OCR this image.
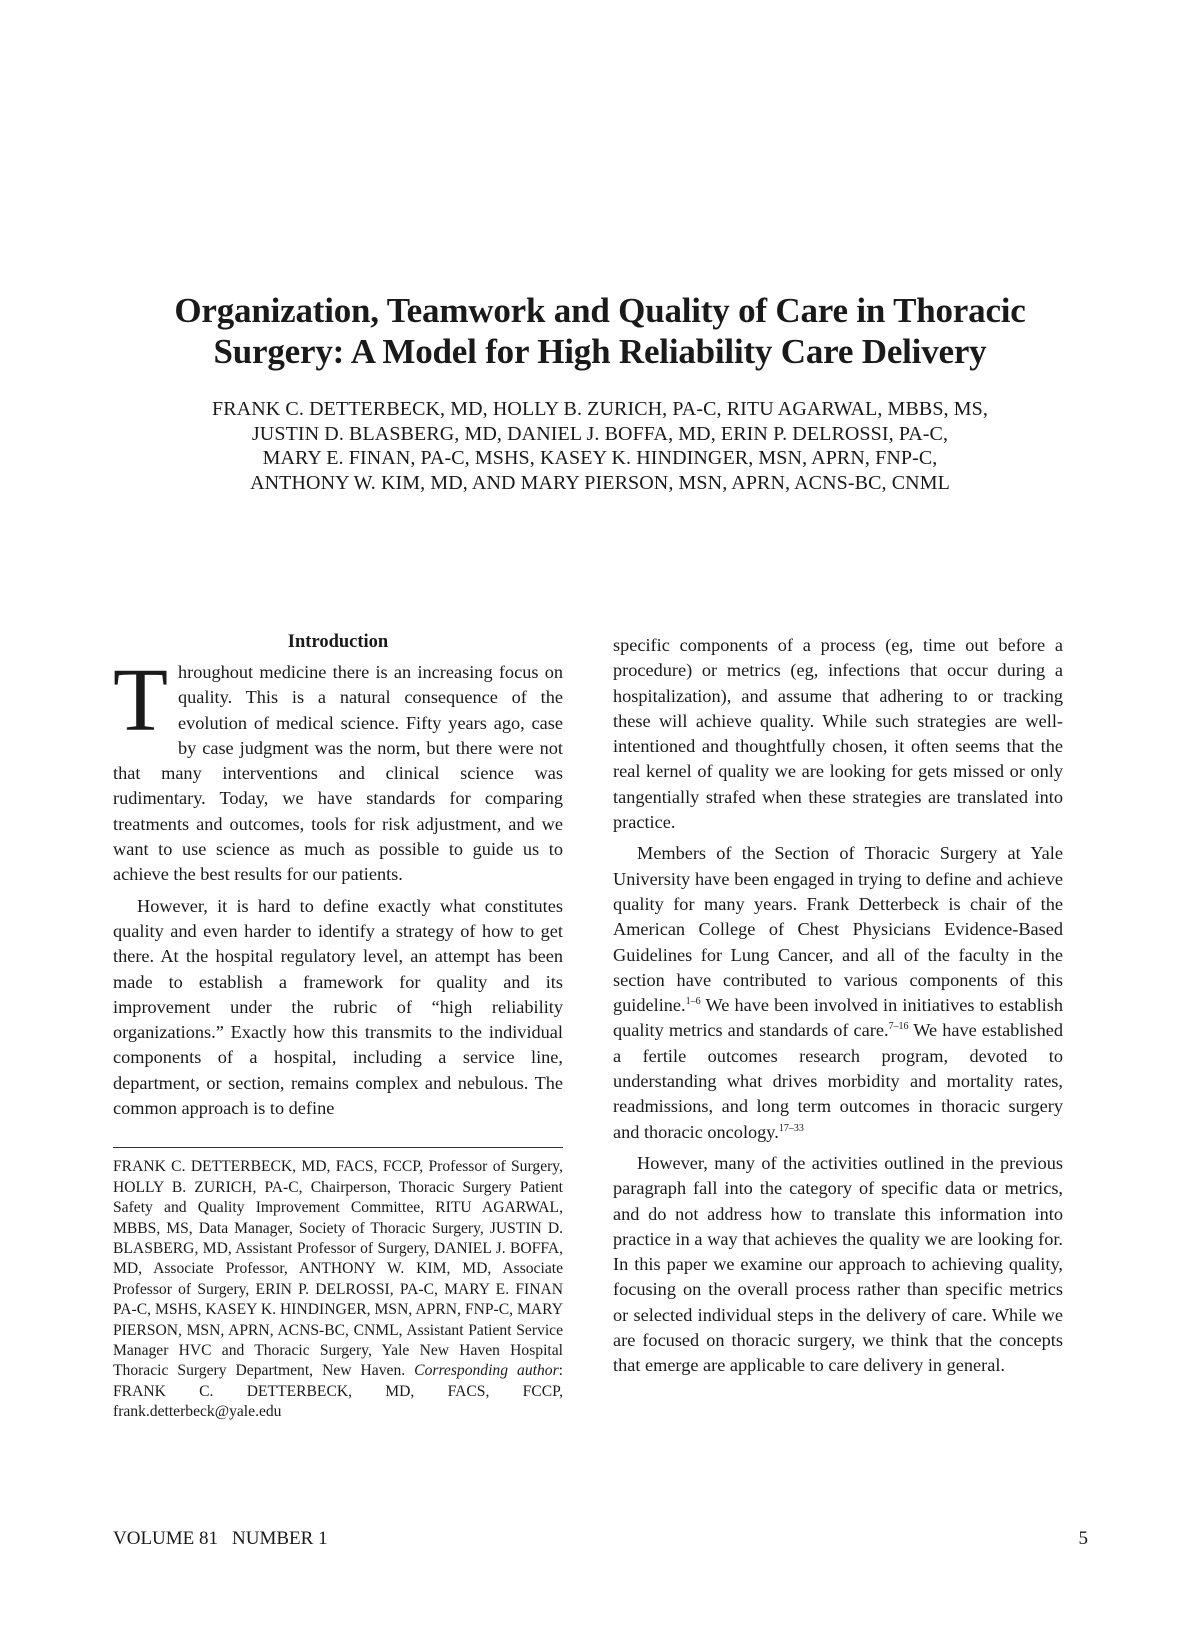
Organization, Teamwork and Quality of Care in Thoracic
Surgery: A Model for High Reliability Care Delivery
FRANK C. DETTERBECK, MD, HOLLY B. ZURICH, PA-C, RITU AGARWAL, MBBS, MS,
JUSTIN D. BLASBERG, MD, DANIEL J. BOFFA, MD, ERIN P. DELROSSI, PA-C,
MARY E. FINAN, PA-C, MSHS, KASEY K. HINDINGER, MSN, APRN, FNP-C,
ANTHONY W. KIM, MD, AND MARY PIERSON, MSN, APRN, ACNS-BC, CNML
Introduction

Throughout medicine there is an increasing focus on quality. This is a natural consequence of the evolution of medical science. Fifty years ago, case by case judgment was the norm, but there were not that many interventions and clinical science was rudimentary. Today, we have standards for comparing treatments and outcomes, tools for risk adjustment, and we want to use science as much as possible to guide us to achieve the best results for our patients.

However, it is hard to define exactly what constitutes quality and even harder to identify a strategy of how to get there. At the hospital regulatory level, an attempt has been made to establish a framework for quality and its improvement under the rubric of “high reliability organizations.” Exactly how this transmits to the individual components of a hospital, including a service line, department, or section, remains complex and nebulous. The common approach is to define

FRANK C. DETTERBECK, MD, FACS, FCCP, Professor of Surgery, HOLLY B. ZURICH, PA-C, Chairperson, Thoracic Surgery Patient Safety and Quality Improvement Committee, RITU AGARWAL, MBBS, MS, Data Manager, Society of Thoracic Surgery, JUSTIN D. BLASBERG, MD, Assistant Professor of Surgery, DANIEL J. BOFFA, MD, Associate Professor, ANTHONY W. KIM, MD, Associate Professor of Surgery, ERIN P. DELROSSI, PA-C, MARY E. FINAN PA-C, MSHS, KASEY K. HINDINGER, MSN, APRN, FNP-C, MARY PIERSON, MSN, APRN, ACNS-BC, CNML, Assistant Patient Service Manager HVC and Thoracic Surgery, Yale New Haven Hospital Thoracic Surgery Department, New Haven. Corresponding author: FRANK C. DETTERBECK, MD, FACS, FCCP, frank.detterbeck@yale.edu

specific components of a process (eg, time out before a procedure) or metrics (eg, infections that occur during a hospitalization), and assume that adhering to or tracking these will achieve quality. While such strategies are well-intentioned and thoughtfully chosen, it often seems that the real kernel of quality we are looking for gets missed or only tangentially strafed when these strategies are translated into practice.

Members of the Section of Thoracic Surgery at Yale University have been engaged in trying to define and achieve quality for many years. Frank Detterbeck is chair of the American College of Chest Physicians Evidence-Based Guidelines for Lung Cancer, and all of the faculty in the section have contributed to various components of this guideline.$^{1-6}$ We have been involved in initiatives to establish quality metrics and standards of care.$^{7-16}$ We have established a fertile outcomes research program, devoted to understanding what drives morbidity and mortality rates, readmissions, and long term outcomes in thoracic surgery and thoracic oncology.$^{17-33}$

However, many of the activities outlined in the previous paragraph fall into the category of specific data or metrics, and do not address how to translate this information into practice in a way that achieves the quality we are looking for. In this paper we examine our approach to achieving quality, focusing on the overall process rather than specific metrics or selected individual steps in the delivery of care. While we are focused on thoracic surgery, we think that the concepts that emerge are applicable to care delivery in general.

VOLUME 81 NUMBER 1	5
